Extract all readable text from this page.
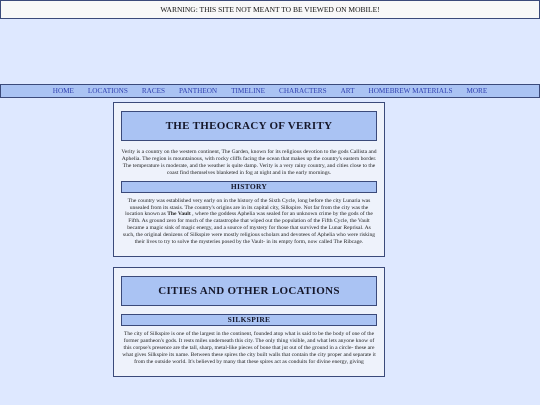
WARNING: THIS SITE NOT MEANT TO BE VIEWED ON MOBILE!
HOME	LOCATIONS	RACES	PANTHEON	TIMELINE	CHARACTERS	ART	HOMEBREW MATERIALS	MORE
THE THEOCRACY OF VERITY

Verity is a country on the western continent, The Garden, known for its religious devotion to the gods Callista and Aphelia. The region is mountainous, with rocky cliffs facing the ocean that makes up the country's eastern border. The temperature is moderate, and the weather is quite damp. Verity is a very rainy country, and cities close to the coast find themselves blanketed in fog at night and in the early mornings.

HISTORY

The country was established very early on in the history of the Sixth Cycle, long before the city Lunaria was unsealed from its stasis. The country's origins are in its capital city, Silkspire. Not far from the city was the location known as The Vault , where the goddess Aphelia was sealed for an unknown crime by the gods of the Fifth. As ground zero for much of the catastrophe that wiped out the population of the Fifth Cycle, the Vault became a magic sink of magic energy, and a source of mystery for those that survived the Lunar Reprisal. As such, the original denizens of Silkspire were mostly religious scholars and devotees of Aphelia who were risking their lives to try to solve the mysteries posed by the Vault- in its empty form, now called The Ribcage.

CITIES AND OTHER LOCATIONS
SILKSPIRE

The city of Silkspire is one of the largest in the continent, founded atop what is said to be the body of one of the former pantheon's gods. It rests miles underneath this city. The only thing visible, and what lets anyone know of this corpse's presence are the tall, sharp, metal-like pieces of bone that jut out of the ground in a circle- these are what gives Silkspire its name. Between these spires the city built walls that contain the city proper and separate it from the outside world. It's believed by many that these spires act as conduits for divine energy, giving
